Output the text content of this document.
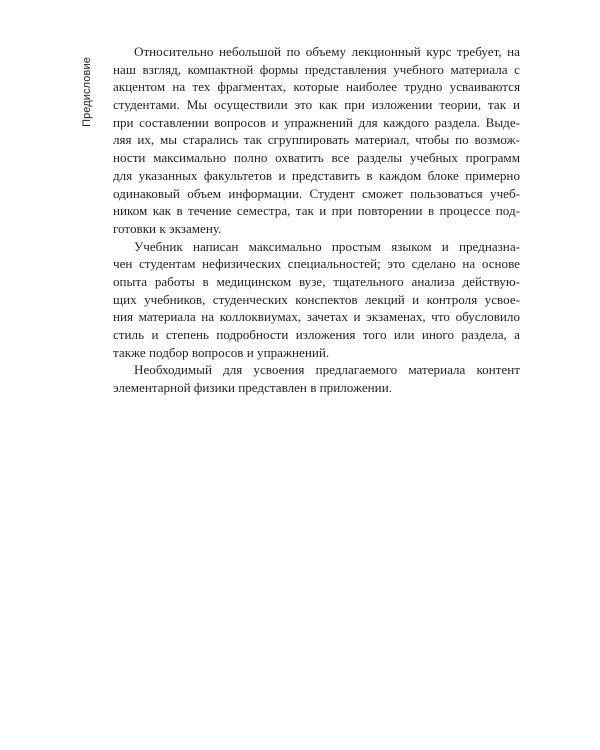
Предисловие
Относительно небольшой по объему лекционный курс требует, на
наш взгляд, компактной формы представления учебного материала с
акцентом на тех фрагментах, которые наиболее трудно усваиваются
студентами. Мы осуществили это как при изложении теории, так и
при составлении вопросов и упражнений для каждого раздела. Выде-
ляя их, мы старались так сгруппировать материал, чтобы по возмож-
ности максимально полно охватить все разделы учебных программ
для указанных факультетов и представить в каждом блоке примерно
одинаковый объем информации. Студент сможет пользоваться учеб-
ником как в течение семестра, так и при повторении в процессе под-
готовки к экзамену.
Учебник написан максимально простым языком и предназна-
чен студентам нефизических специальностей; это сделано на основе
опыта работы в медицинском вузе, тщательного анализа действую-
щих учебников, студенческих конспектов лекций и контроля усвое-
ния материала на коллоквиумах, зачетах и экзаменах, что обусловило
стиль и степень подробности изложения того или иного раздела, а
также подбор вопросов и упражнений.
Необходимый для усвоения предлагаемого материала контент
элементарной физики представлен в приложении.
